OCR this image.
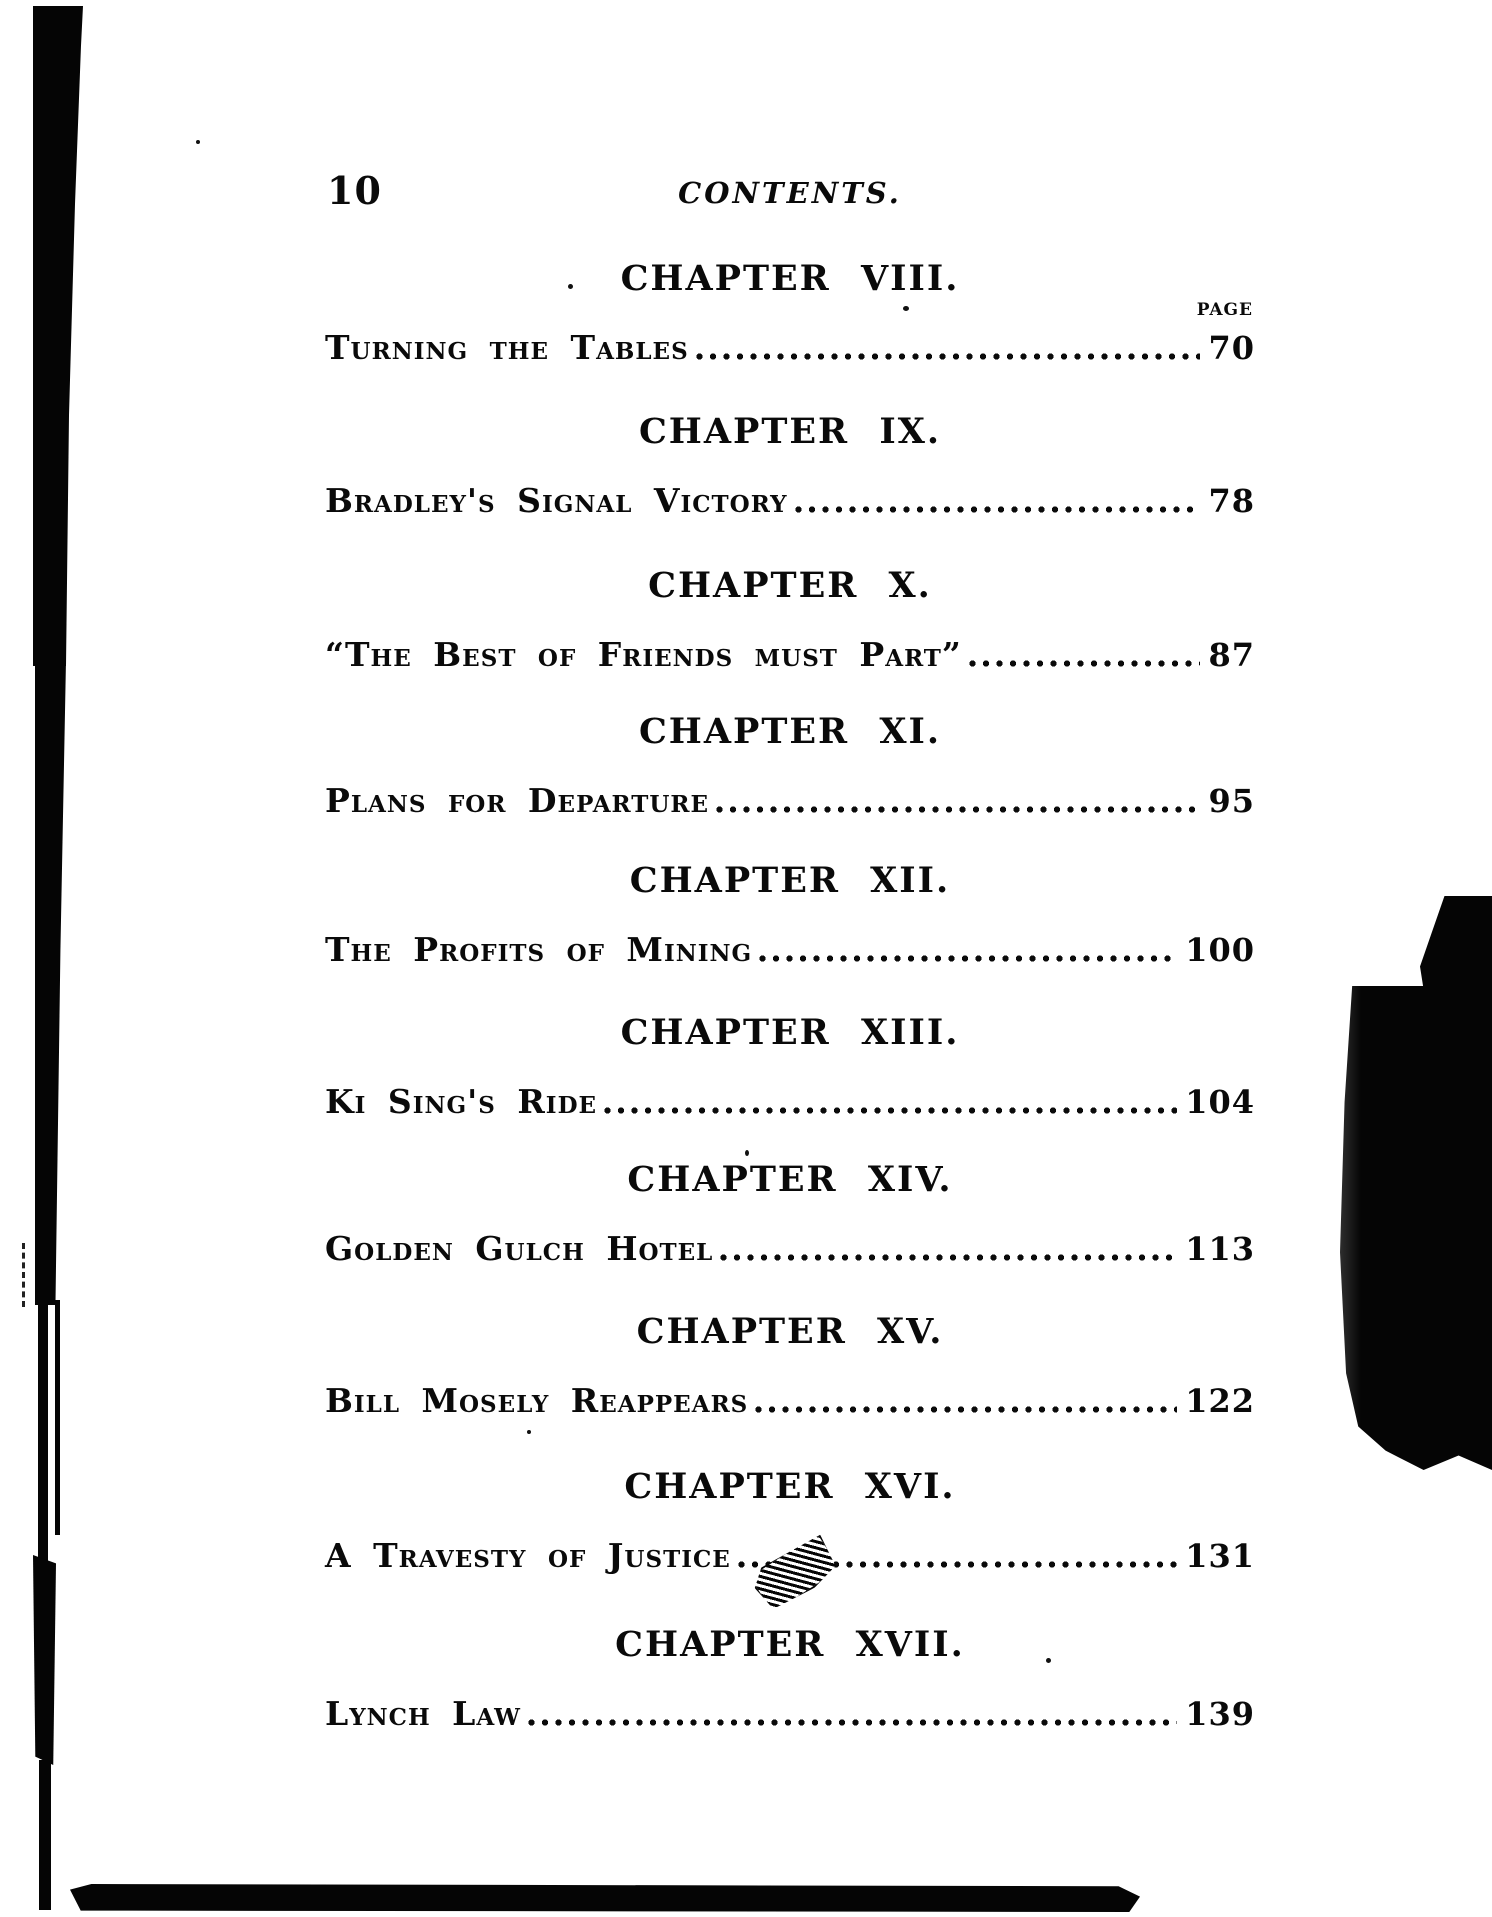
10	CONTENTS.
CHAPTER VIII.
PAGE
Turning the Tables	70
CHAPTER IX.
Bradley's Signal Victory	78
CHAPTER X.
“The Best of Friends must Part”	87
CHAPTER XI.
Plans for Departure	95
CHAPTER XII.
The Profits of Mining	100
CHAPTER XIII.
Ki Sing's Ride	104
CHAPTER XIV.
Golden Gulch Hotel	113
CHAPTER XV.
Bill Mosely Reappears	122
CHAPTER XVI.
A Travesty of Justice	131
CHAPTER XVII.
Lynch Law	139
